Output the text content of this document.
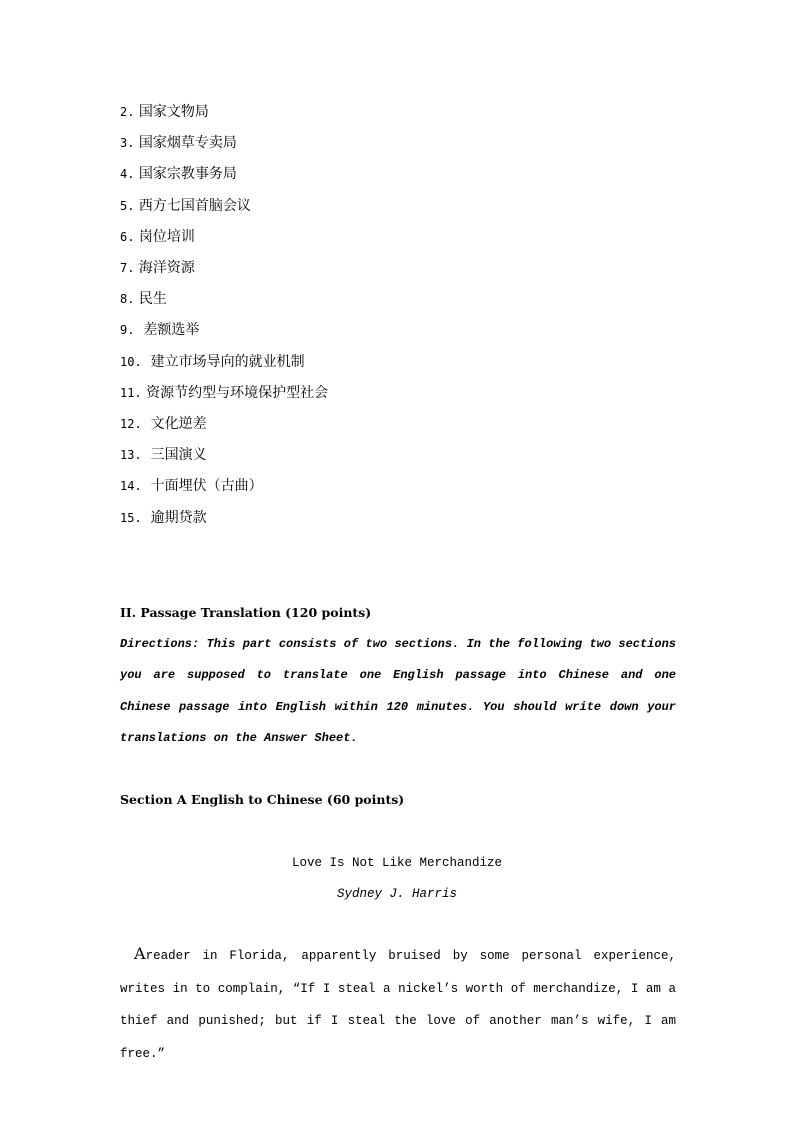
2. 国家文物局
3. 国家烟草专卖局
4. 国家宗教事务局
5. 西方七国首脑会议
6. 岗位培训
7. 海洋资源
8. 民生
9.  差额选举
10.  建立市场导向的就业机制
11. 资源节约型与环境保护型社会
12.  文化逆差
13.  三国演义
14.  十面埋伏（古曲）
15.  逾期贷款
II. Passage Translation (120 points)
Directions: This part consists of two sections. In the following two sections you are supposed to translate one English passage into Chinese and one Chinese passage into English within 120 minutes. You should write down your translations on the Answer Sheet.
Section A English to Chinese (60 points)
Love Is Not Like Merchandize
Sydney J. Harris
Areader in Florida, apparently bruised by some personal experience, writes in to complain, “If I steal a nickel’s worth of merchandize, I am a thief and punished; but if I steal the love of another man’s wife, I am free.”
